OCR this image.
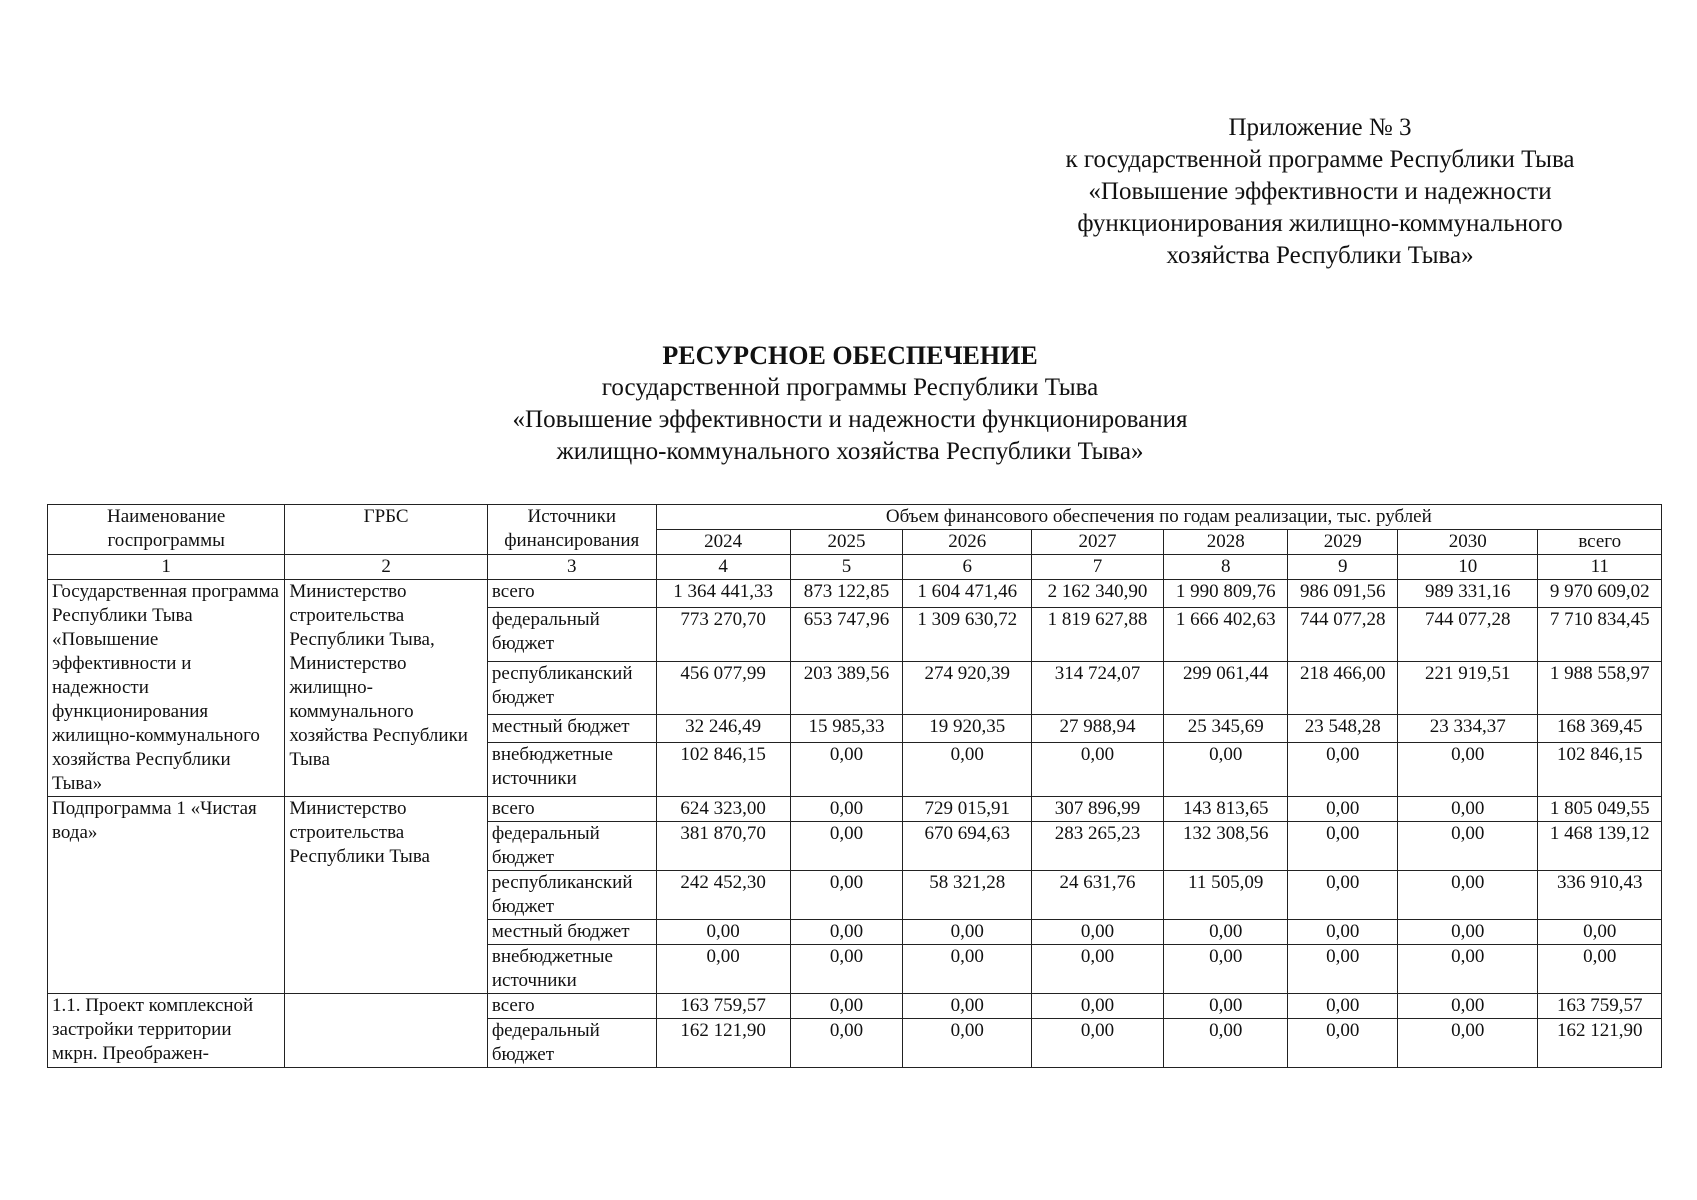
Приложение № 3
к государственной программе Республики Тыва
«Повышение эффективности и надежности
функционирования жилищно-коммунального
хозяйства Республики Тыва»
РЕСУРСНОЕ ОБЕСПЕЧЕНИЕ
государственной программы Республики Тыва
«Повышение эффективности и надежности функционирования
жилищно-коммунального хозяйства Республики Тыва»
Наименование госпрограммы	ГРБС	Источники финансирования	Объем финансового обеспечения по годам реализации, тыс. рублей							
			2024	2025	2026	2027	2028	2029	2030	всего
1	2	3	4	5	6	7	8	9	10	11
Государственная программа Республики Тыва «Повышение эффективности и надежности функционирования жилищно-коммунального хозяйства Республики Тыва»	Министерство строительства Республики Тыва, Министерство жилищно-коммунального хозяйства Республики Тыва	всего	1 364 441,33	873 122,85	1 604 471,46	2 162 340,90	1 990 809,76	986 091,56	989 331,16	9 970 609,02
		федеральный бюджет	773 270,70	653 747,96	1 309 630,72	1 819 627,88	1 666 402,63	744 077,28	744 077,28	7 710 834,45
		республиканский бюджет	456 077,99	203 389,56	274 920,39	314 724,07	299 061,44	218 466,00	221 919,51	1 988 558,97
		местный бюджет	32 246,49	15 985,33	19 920,35	27 988,94	25 345,69	23 548,28	23 334,37	168 369,45
		внебюджетные источники	102 846,15	0,00	0,00	0,00	0,00	0,00	0,00	102 846,15
Подпрограмма 1 «Чистая вода»	Министерство строительства Республики Тыва	всего	624 323,00	0,00	729 015,91	307 896,99	143 813,65	0,00	0,00	1 805 049,55
		федеральный бюджет	381 870,70	0,00	670 694,63	283 265,23	132 308,56	0,00	0,00	1 468 139,12
		республиканский бюджет	242 452,30	0,00	58 321,28	24 631,76	11 505,09	0,00	0,00	336 910,43
		местный бюджет	0,00	0,00	0,00	0,00	0,00	0,00	0,00	0,00
		внебюджетные источники	0,00	0,00	0,00	0,00	0,00	0,00	0,00	0,00
1.1. Проект комплексной застройки территории мкрн. Преображен-		всего	163 759,57	0,00	0,00	0,00	0,00	0,00	0,00	163 759,57
		федеральный бюджет	162 121,90	0,00	0,00	0,00	0,00	0,00	0,00	162 121,90
